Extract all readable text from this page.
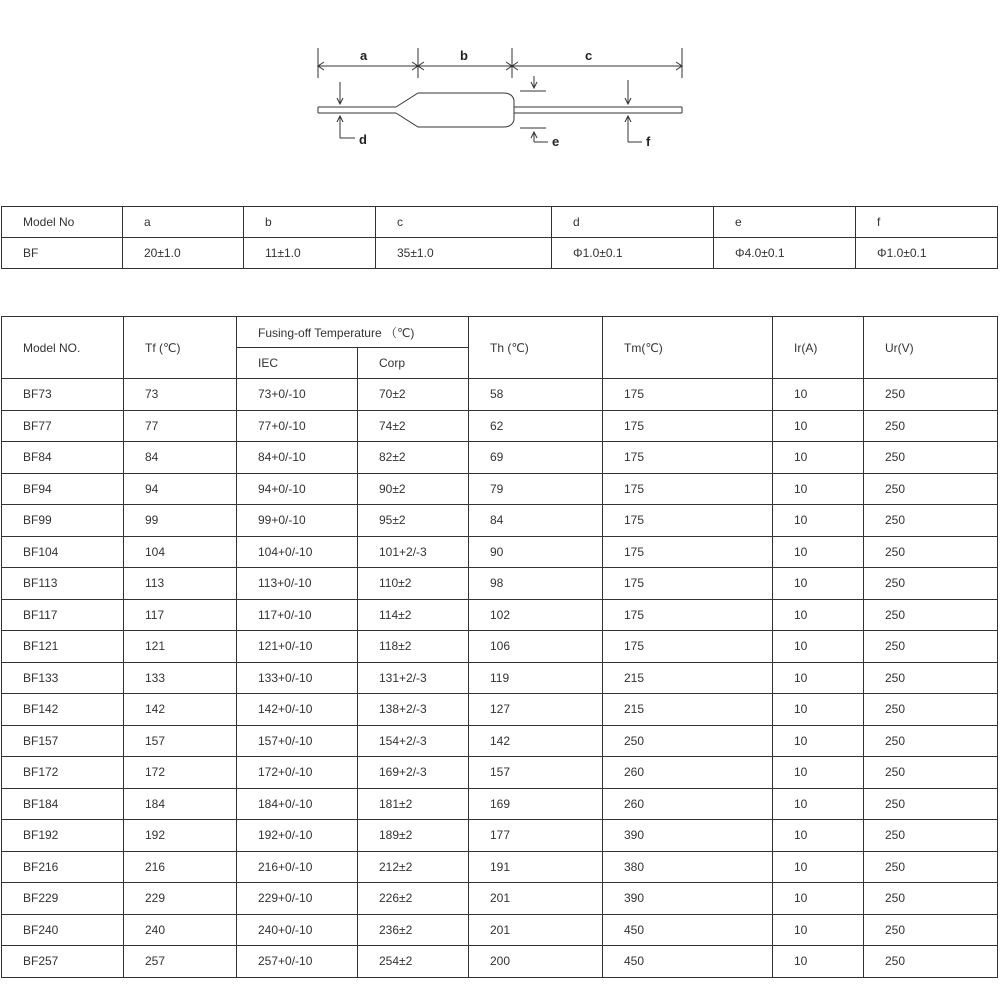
a	b	c
d	e	f
Model No	a	b	c	d	e	f
BF	20±1.0	11±1.0	35±1.0	Φ1.0±0.1	Φ4.0±0.1	Φ1.0±0.1
Model NO.	Tf (℃)	Fusing-off Temperature （℃)		Th (℃)	Tm(℃)	Ir(A)	Ur(V)
		IEC	Corp				
BF73	73	73+0/-10	70±2	58	175	10	250
BF77	77	77+0/-10	74±2	62	175	10	250
BF84	84	84+0/-10	82±2	69	175	10	250
BF94	94	94+0/-10	90±2	79	175	10	250
BF99	99	99+0/-10	95±2	84	175	10	250
BF104	104	104+0/-10	101+2/-3	90	175	10	250
BF113	113	113+0/-10	110±2	98	175	10	250
BF117	117	117+0/-10	114±2	102	175	10	250
BF121	121	121+0/-10	118±2	106	175	10	250
BF133	133	133+0/-10	131+2/-3	119	215	10	250
BF142	142	142+0/-10	138+2/-3	127	215	10	250
BF157	157	157+0/-10	154+2/-3	142	250	10	250
BF172	172	172+0/-10	169+2/-3	157	260	10	250
BF184	184	184+0/-10	181±2	169	260	10	250
BF192	192	192+0/-10	189±2	177	390	10	250
BF216	216	216+0/-10	212±2	191	380	10	250
BF229	229	229+0/-10	226±2	201	390	10	250
BF240	240	240+0/-10	236±2	201	450	10	250
BF257	257	257+0/-10	254±2	200	450	10	250
